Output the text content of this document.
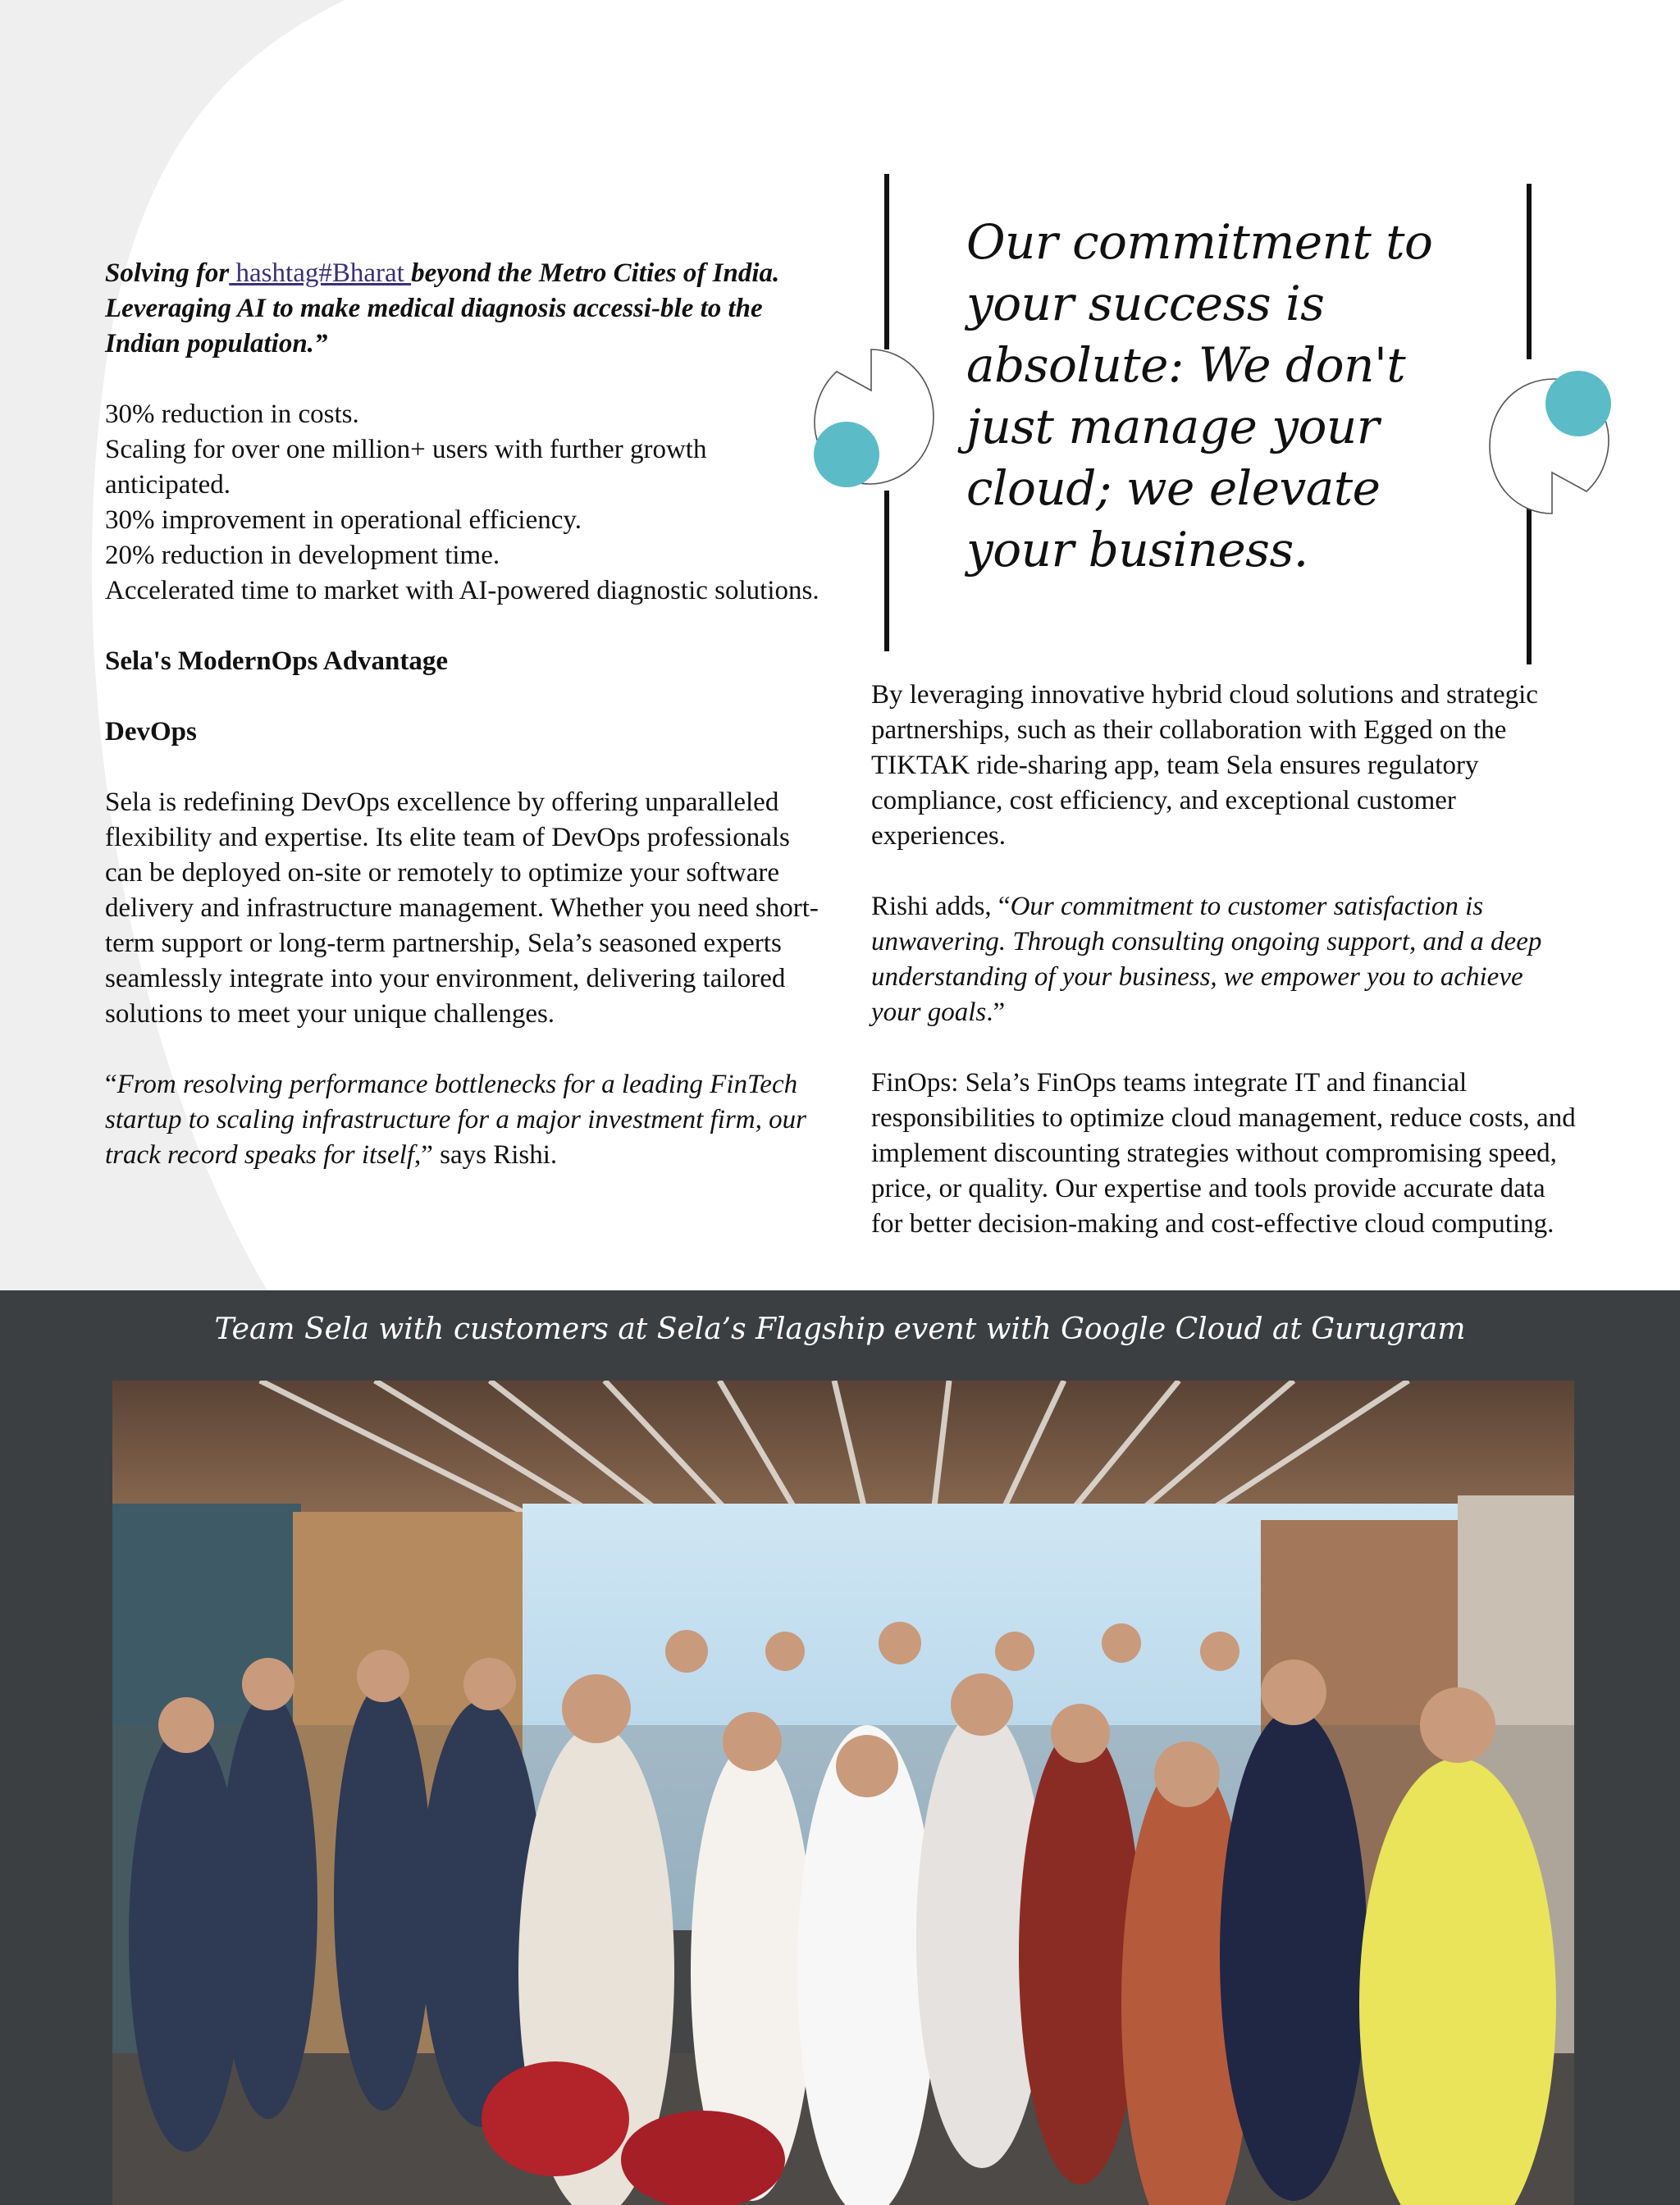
Solving for hashtag#Bharat beyond the Metro Cities of India. Leveraging AI to make medical diagnosis accessi-ble to the Indian population.”

30% reduction in costs.

Scaling for over one million+ users with further growth anticipated.

30% improvement in operational efficiency.

20% reduction in development time.

Accelerated time to market with AI-powered diagnostic solutions.

Sela's ModernOps Advantage

DevOps

Sela is redefining DevOps excellence by offering unparalleled flexibility and expertise. Its elite team of DevOps professionals can be deployed on-site or remotely to optimize your software delivery and infrastructure management. Whether you need short-term support or long-term partnership, Sela’s seasoned experts seamlessly integrate into your environment, delivering tailored solutions to meet your unique challenges.

“From resolving performance bottlenecks for a leading FinTech startup to scaling infrastructure for a major investment firm, our track record speaks for itself,” says Rishi.

Our commitment to your success is absolute: We don't just manage your cloud; we elevate your business.

By leveraging innovative hybrid cloud solutions and strategic partnerships, such as their collaboration with Egged on the TIKTAK ride-sharing app, team Sela ensures regulatory compliance, cost efficiency, and exceptional customer experiences.

Rishi adds, “Our commitment to customer satisfaction is unwavering. Through consulting ongoing support, and a deep understanding of your business, we empower you to achieve your goals.”

FinOps: Sela’s FinOps teams integrate IT and financial responsibilities to optimize cloud management, reduce costs, and implement discounting strategies without compromising speed, price, or quality. Our expertise and tools provide accurate data for better decision-making and cost-effective cloud computing.

Team Sela with customers at Sela’s Flagship event with Google Cloud at Gurugram
